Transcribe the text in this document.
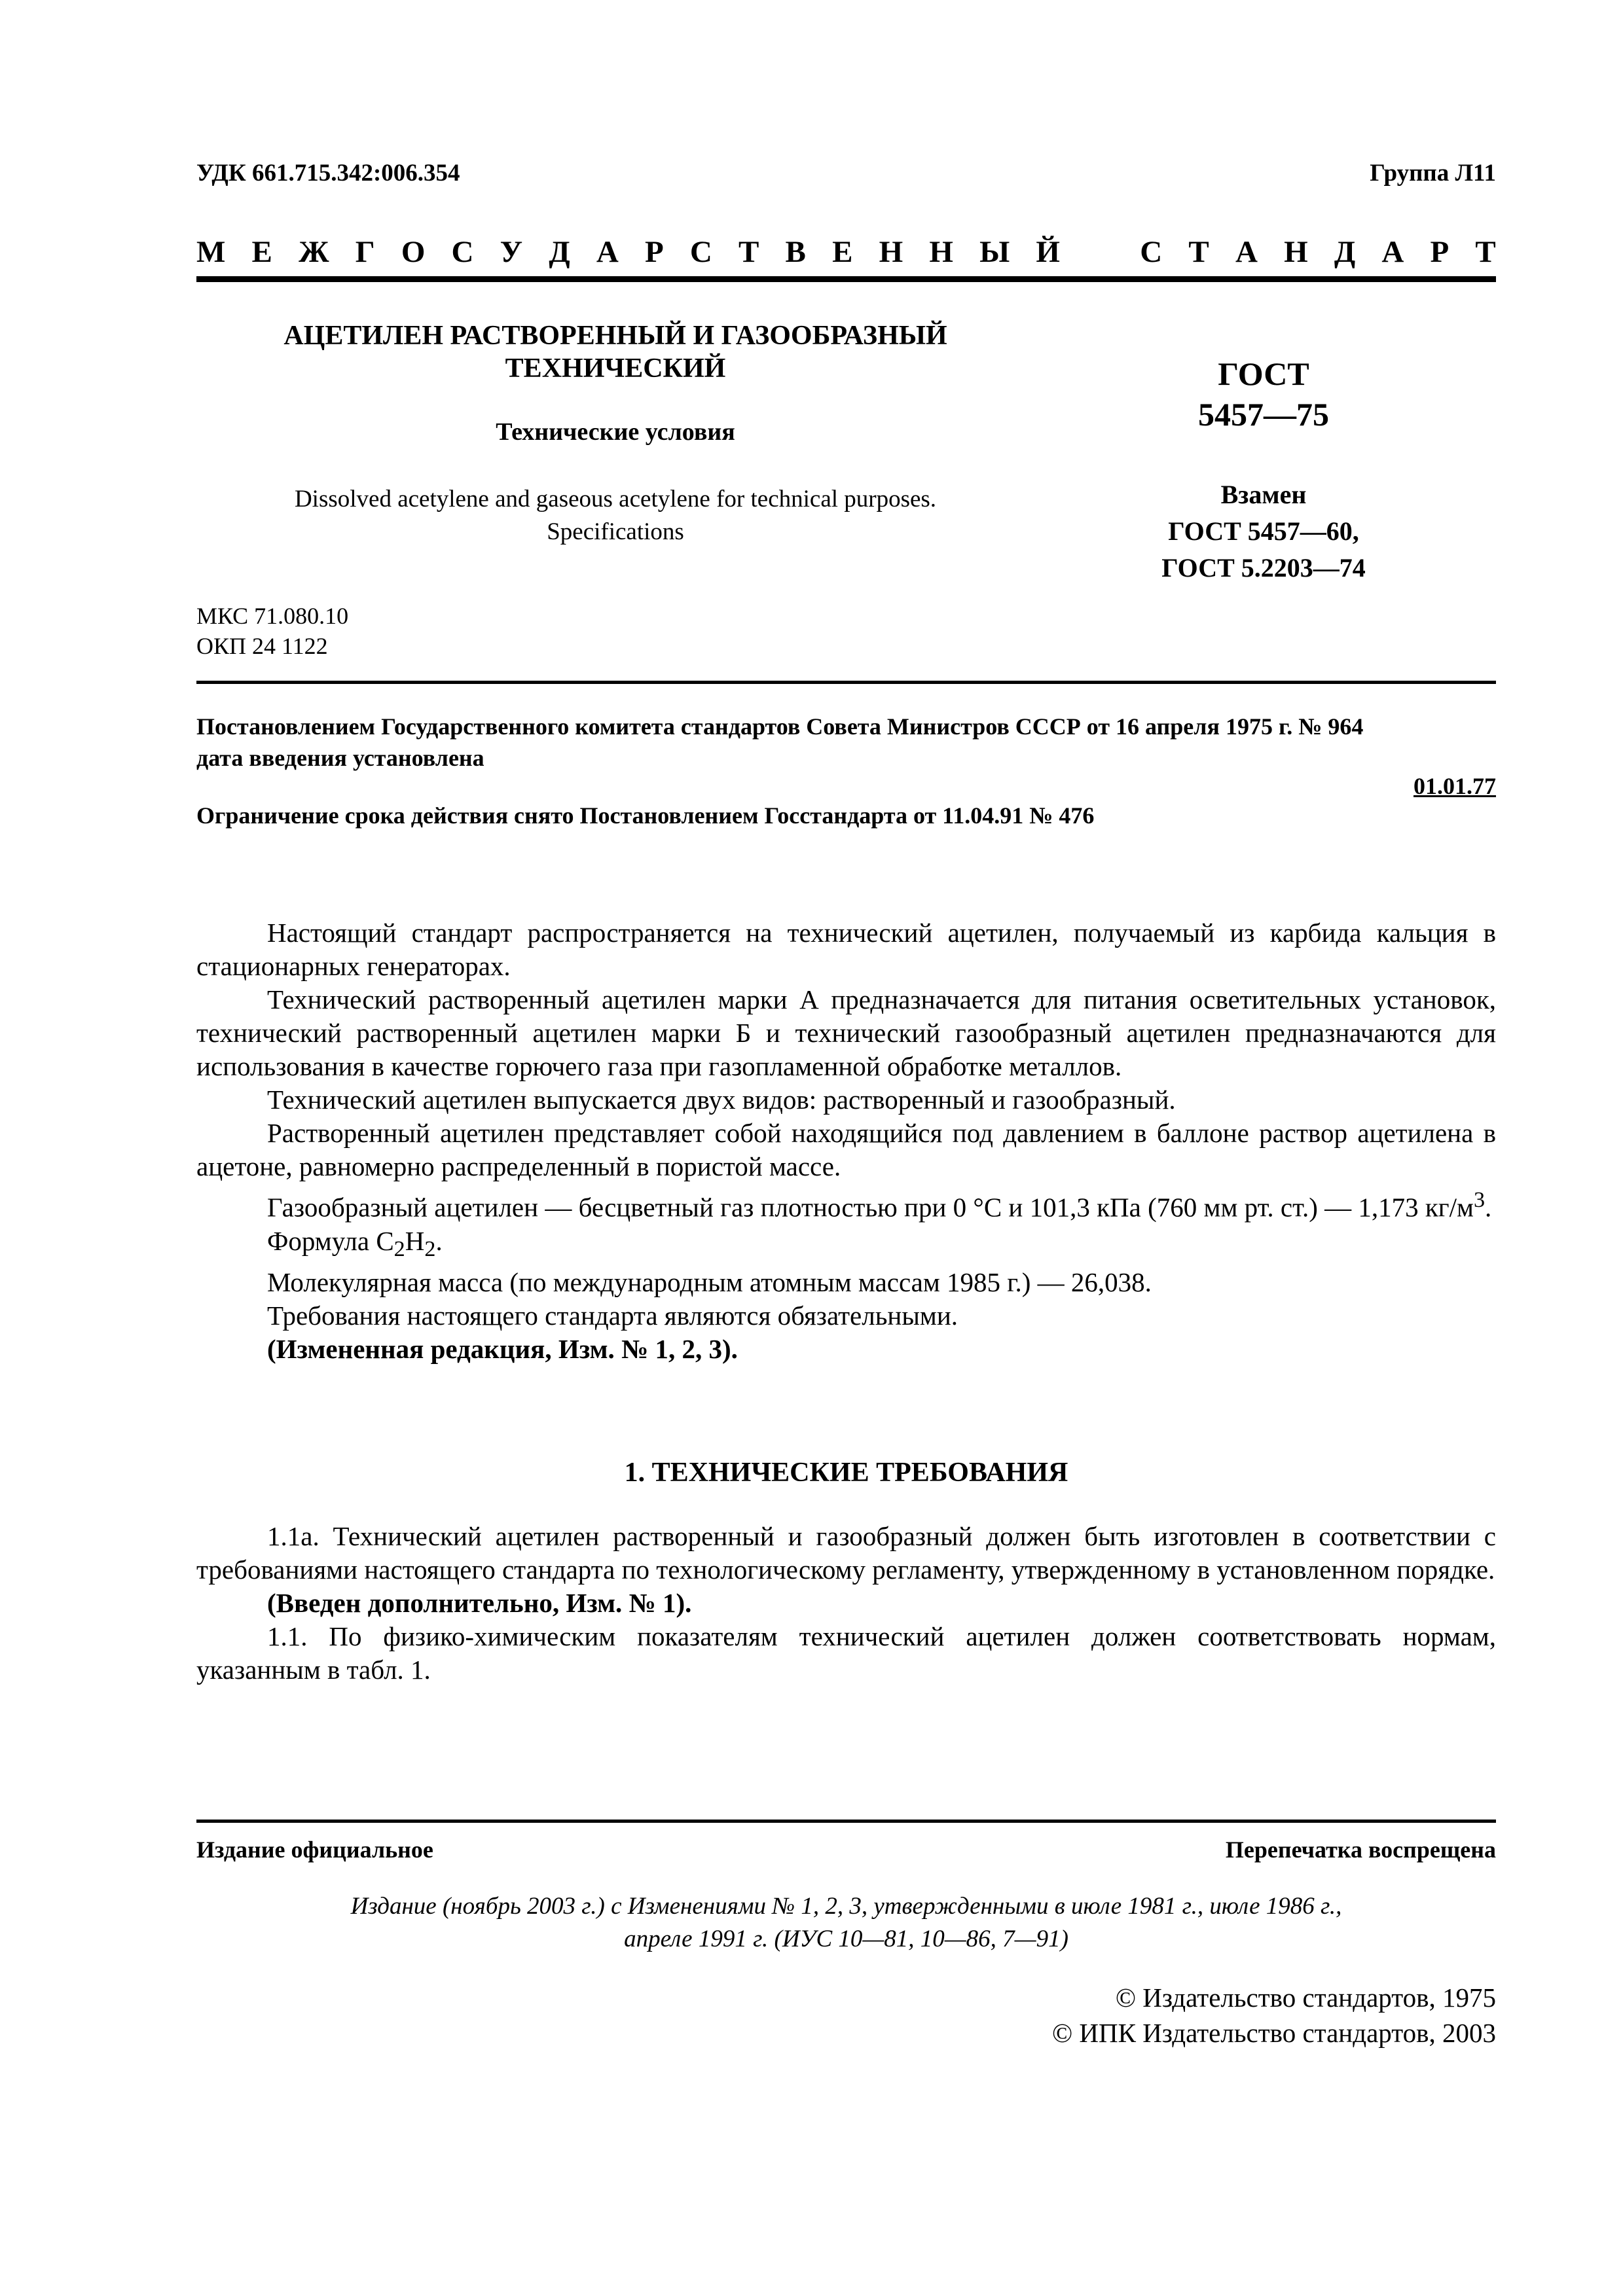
УДК 661.715.342:006.354	Группа Л11
М Е Ж Г О С У Д А Р С Т В Е Н Н Ы Й	С Т А Н Д А Р Т
АЦЕТИЛЕН РАСТВОРЕННЫЙ И ГАЗООБРАЗНЫЙ
ТЕХНИЧЕСКИЙ
Технические условия
Dissolved acetylene and gaseous acetylene for technical purposes.
Specifications
ГОСТ
5457—75
Взамен
ГОСТ 5457—60,
ГОСТ 5.2203—74
МКС 71.080.10
ОКП 24 1122
Постановлением Государственного комитета стандартов Совета Министров СССР от 16 апреля 1975 г. № 964
дата введения установлена
01.01.77
Ограничение срока действия снято Постановлением Госстандарта от 11.04.91 № 476

Настоящий стандарт распространяется на технический ацетилен, получаемый из карбида кальция в стационарных генераторах.

Технический растворенный ацетилен марки А предназначается для питания осветительных установок, технический растворенный ацетилен марки Б и технический газообразный ацетилен предназначаются для использования в качестве горючего газа при газопламенной обработке металлов.

Технический ацетилен выпускается двух видов: растворенный и газообразный.

Растворенный ацетилен представляет собой находящийся под давлением в баллоне раствор ацетилена в ацетоне, равномерно распределенный в пористой массе.

Газообразный ацетилен — бесцветный газ плотностью при 0 °С и 101,3 кПа (760 мм рт. ст.) — 1,173 $кг/м^3$.

Формула $С_2Н_2$.

Молекулярная масса (по международным атомным массам 1985 г.) — 26,038.

Требования настоящего стандарта являются обязательными.

(Измененная редакция, Изм. № 1, 2, 3).

1. ТЕХНИЧЕСКИЕ ТРЕБОВАНИЯ

1.1а. Технический ацетилен растворенный и газообразный должен быть изготовлен в соответствии с требованиями настоящего стандарта по технологическому регламенту, утвержденному в установленном порядке.

(Введен дополнительно, Изм. № 1).

1.1. По физико-химическим показателям технический ацетилен должен соответствовать нормам, указанным в табл. 1.

Издание официальное	Перепечатка воспрещена
Издание (ноябрь 2003 г.) с Изменениями № 1, 2, 3, утвержденными в июле 1981 г., июле 1986 г.,
апреле 1991 г. (ИУС 10—81, 10—86, 7—91)
© Издательство стандартов, 1975
© ИПК Издательство стандартов, 2003
